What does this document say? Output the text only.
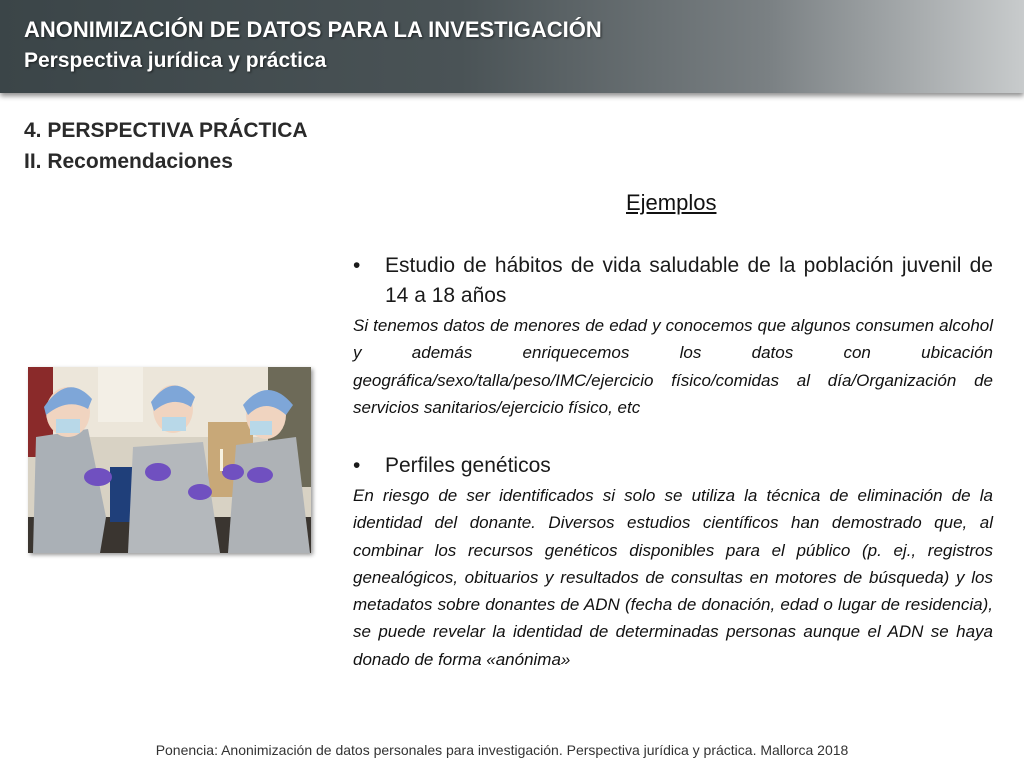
ANONIMIZACIÓN DE DATOS PARA LA INVESTIGACIÓN
Perspectiva jurídica y práctica
4. PERSPECTIVA PRÁCTICA
II. Recomendaciones
Ejemplos
• Estudio de hábitos de vida saludable de la población juvenil de 14 a 18 años
Si tenemos datos de menores de edad y conocemos que algunos consumen alcohol y además enriquecemos los datos con ubicación geográfica/sexo/talla/peso/IMC/ejercicio físico/comidas al día/Organización de servicios sanitarios/ejercicio físico, etc
• Perfiles genéticos
En riesgo de ser identificados si solo se utiliza la técnica de eliminación de la identidad del donante. Diversos estudios científicos han demostrado que, al combinar los recursos genéticos disponibles para el público (p. ej., registros genealógicos, obituarios y resultados de consultas en motores de búsqueda) y los metadatos sobre donantes de ADN (fecha de donación, edad o lugar de residencia), se puede revelar la identidad de determinadas personas aunque el ADN se haya donado de forma «anónima»
Ponencia: Anonimización de datos personales para investigación. Perspectiva jurídica y práctica. Mallorca 2018
